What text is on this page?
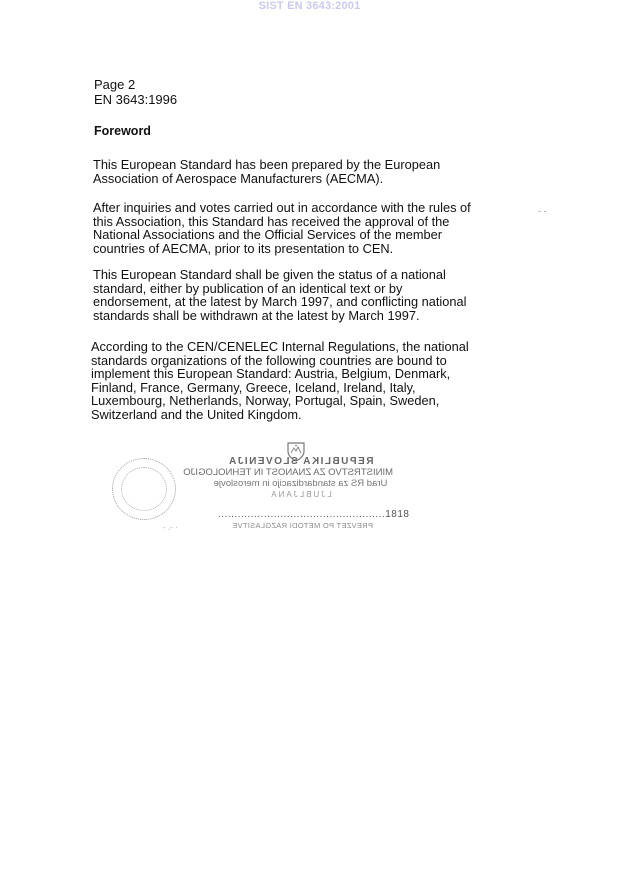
SIST EN 3643:2001
Page 2
EN 3643:1996
Foreword

This European Standard has been prepared by the European
Association of Aerospace Manufacturers (AECMA).

- -

After inquiries and votes carried out in accordance with the rules of
this Association, this Standard has received the approval of the
National Associations and the Official Services of the member
countries of AECMA, prior to its presentation to CEN.

This European Standard shall be given the status of a national
standard, either by publication of an identical text or by
endorsement, at the latest by March 1997, and conflicting national
standards shall be withdrawn at the latest by March 1997.

According to the CEN/CENELEC Internal Regulations, the national
standards organizations of the following countries are bound to
implement this European Standard: Austria, Belgium, Denmark,
Finland, France, Germany, Greece, Iceland, Ireland, Italy,
Luxembourg, Netherlands, Norway, Portugal, Spain, Sweden,
Switzerland and the United Kingdom.

REPUBLIKA SLOVENIJA
MINISTRSTVO ZA ZNANOST IN TEHNOLOGIJO
Urad RS za standardizacijo in meroslovje
LJUBLJANA
...................................................1818
PREVZET PO METODI RAZGLASITVE
- .- ·
